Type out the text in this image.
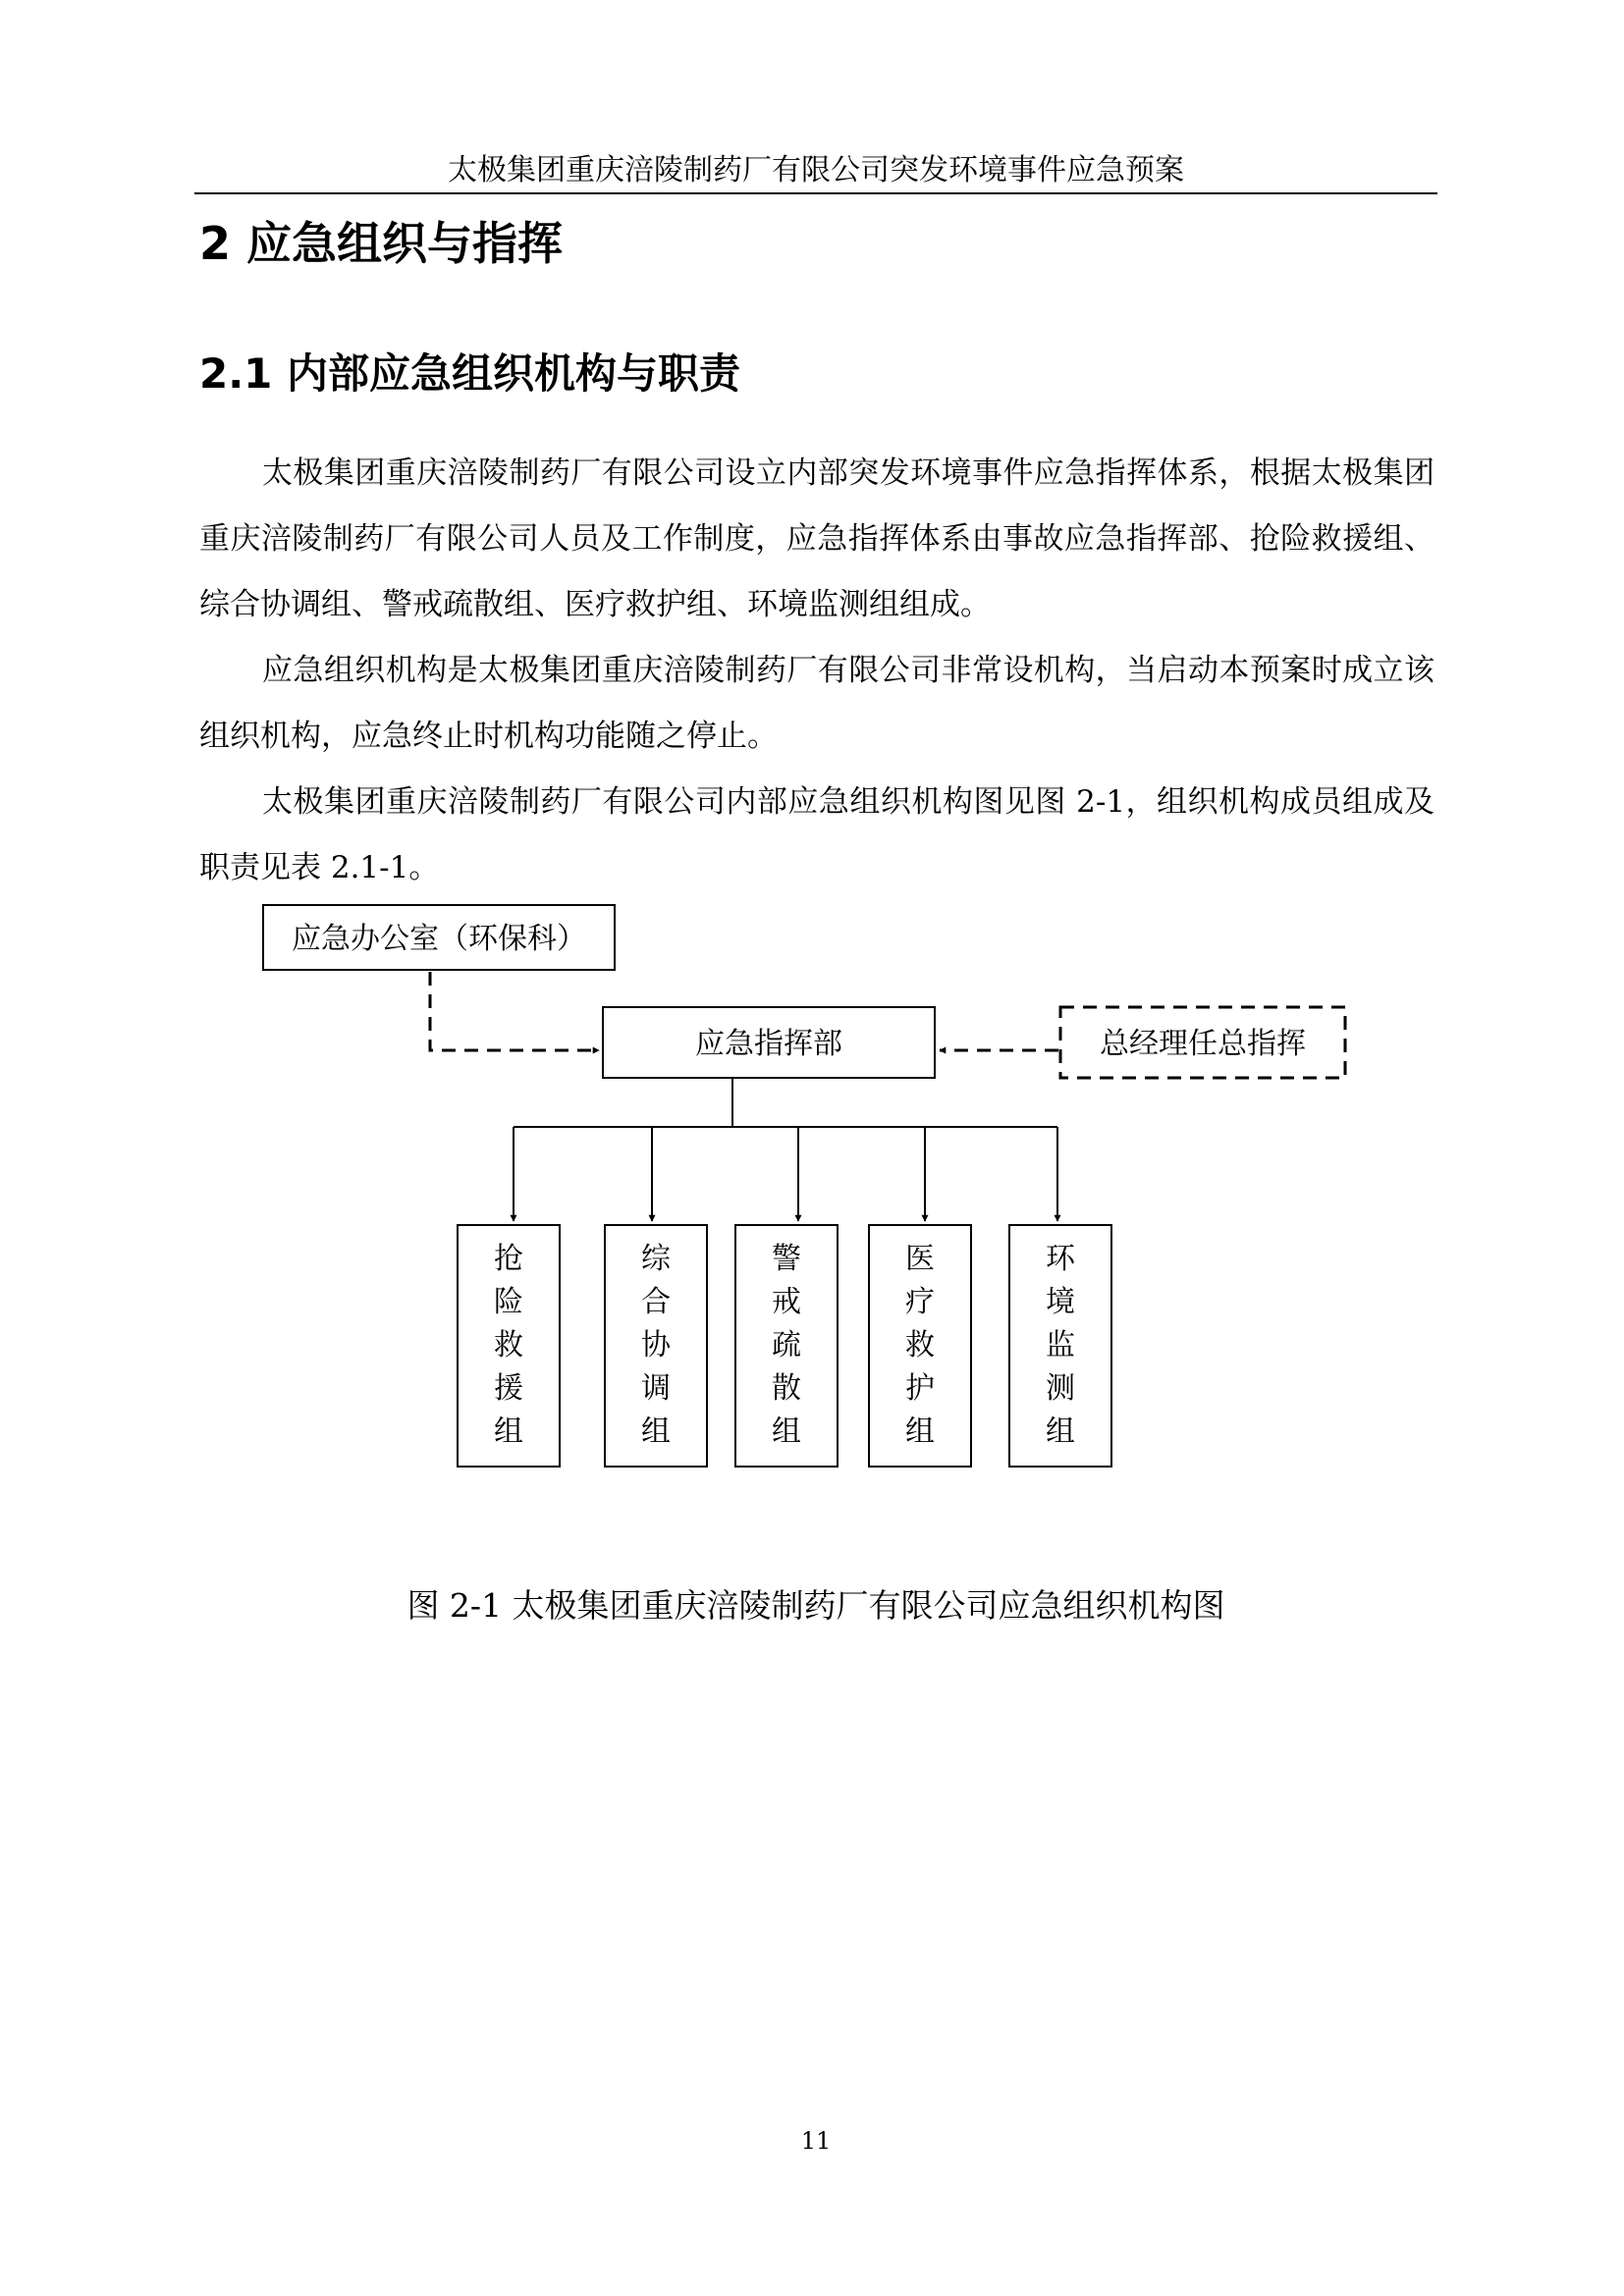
太极集团重庆涪陵制药厂有限公司突发环境事件应急预案
2 应急组织与指挥
2.1 内部应急组织机构与职责
太极集团重庆涪陵制药厂有限公司设立内部突发环境事件应急指挥体系，根据太极集团重庆涪陵制药厂有限公司人员及工作制度，应急指挥体系由事故应急指挥部、抢险救援组、综合协调组、警戒疏散组、医疗救护组、环境监测组组成。
应急组织机构是太极集团重庆涪陵制药厂有限公司非常设机构，当启动本预案时成立该组织机构，应急终止时机构功能随之停止。
太极集团重庆涪陵制药厂有限公司内部应急组织机构图见图 2-1，组织机构成员组成及职责见表 2.1-1。
应急办公室（环保科）
应急指挥部	总经理任总指挥
抢险救援组
综合协调组
警戒疏散组
医疗救护组
环境监测组
图 2-1 太极集团重庆涪陵制药厂有限公司应急组织机构图
11
